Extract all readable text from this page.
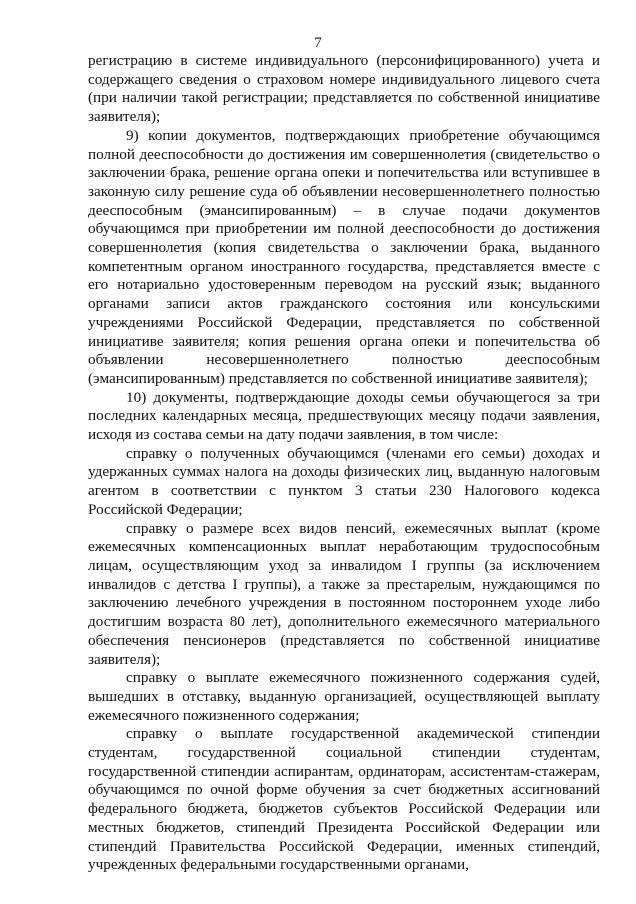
7

регистрацию в системе индивидуального (персонифицированного) учета и содержащего сведения о страховом номере индивидуального лицевого счета (при наличии такой регистрации; представляется по собственной инициативе заявителя);

9) копии документов, подтверждающих приобретение обучающимся полной дееспособности до достижения им совершеннолетия (свидетельство о заключении брака, решение органа опеки и попечительства или вступившее в законную силу решение суда об объявлении несовершеннолетнего полностью дееспособным (эмансипированным) – в случае подачи документов обучающимся при приобретении им полной дееспособности до достижения совершеннолетия (копия свидетельства о заключении брака, выданного компетентным органом иностранного государства, представляется вместе с его нотариально удостоверенным переводом на русский язык; выданного органами записи актов гражданского состояния или консульскими учреждениями Российской Федерации, представляется по собственной инициативе заявителя; копия решения органа опеки и попечительства об объявлении несовершеннолетнего полностью дееспособным (эмансипированным) представляется по собственной инициативе заявителя);

10) документы, подтверждающие доходы семьи обучающегося за три последних календарных месяца, предшествующих месяцу подачи заявления, исходя из состава семьи на дату подачи заявления, в том числе:

справку о полученных обучающимся (членами его семьи) доходах и удержанных суммах налога на доходы физических лиц, выданную налоговым агентом в соответствии с пунктом 3 статьи 230 Налогового кодекса Российской Федерации;

справку о размере всех видов пенсий, ежемесячных выплат (кроме ежемесячных компенсационных выплат неработающим трудоспособным лицам, осуществляющим уход за инвалидом I группы (за исключением инвалидов с детства I группы), а также за престарелым, нуждающимся по заключению лечебного учреждения в постоянном постороннем уходе либо достигшим возраста 80 лет), дополнительного ежемесячного материального обеспечения пенсионеров (представляется по собственной инициативе заявителя);

справку о выплате ежемесячного пожизненного содержания судей, вышедших в отставку, выданную организацией, осуществляющей выплату ежемесячного пожизненного содержания;

справку о выплате государственной академической стипендии студентам, государственной социальной стипендии студентам, государственной стипендии аспирантам, ординаторам, ассистентам-стажерам, обучающимся по очной форме обучения за счет бюджетных ассигнований федерального бюджета, бюджетов субъектов Российской Федерации или местных бюджетов, стипендий Президента Российской Федерации или стипендий Правительства Российской Федерации, именных стипендий, учрежденных федеральными государственными органами,
